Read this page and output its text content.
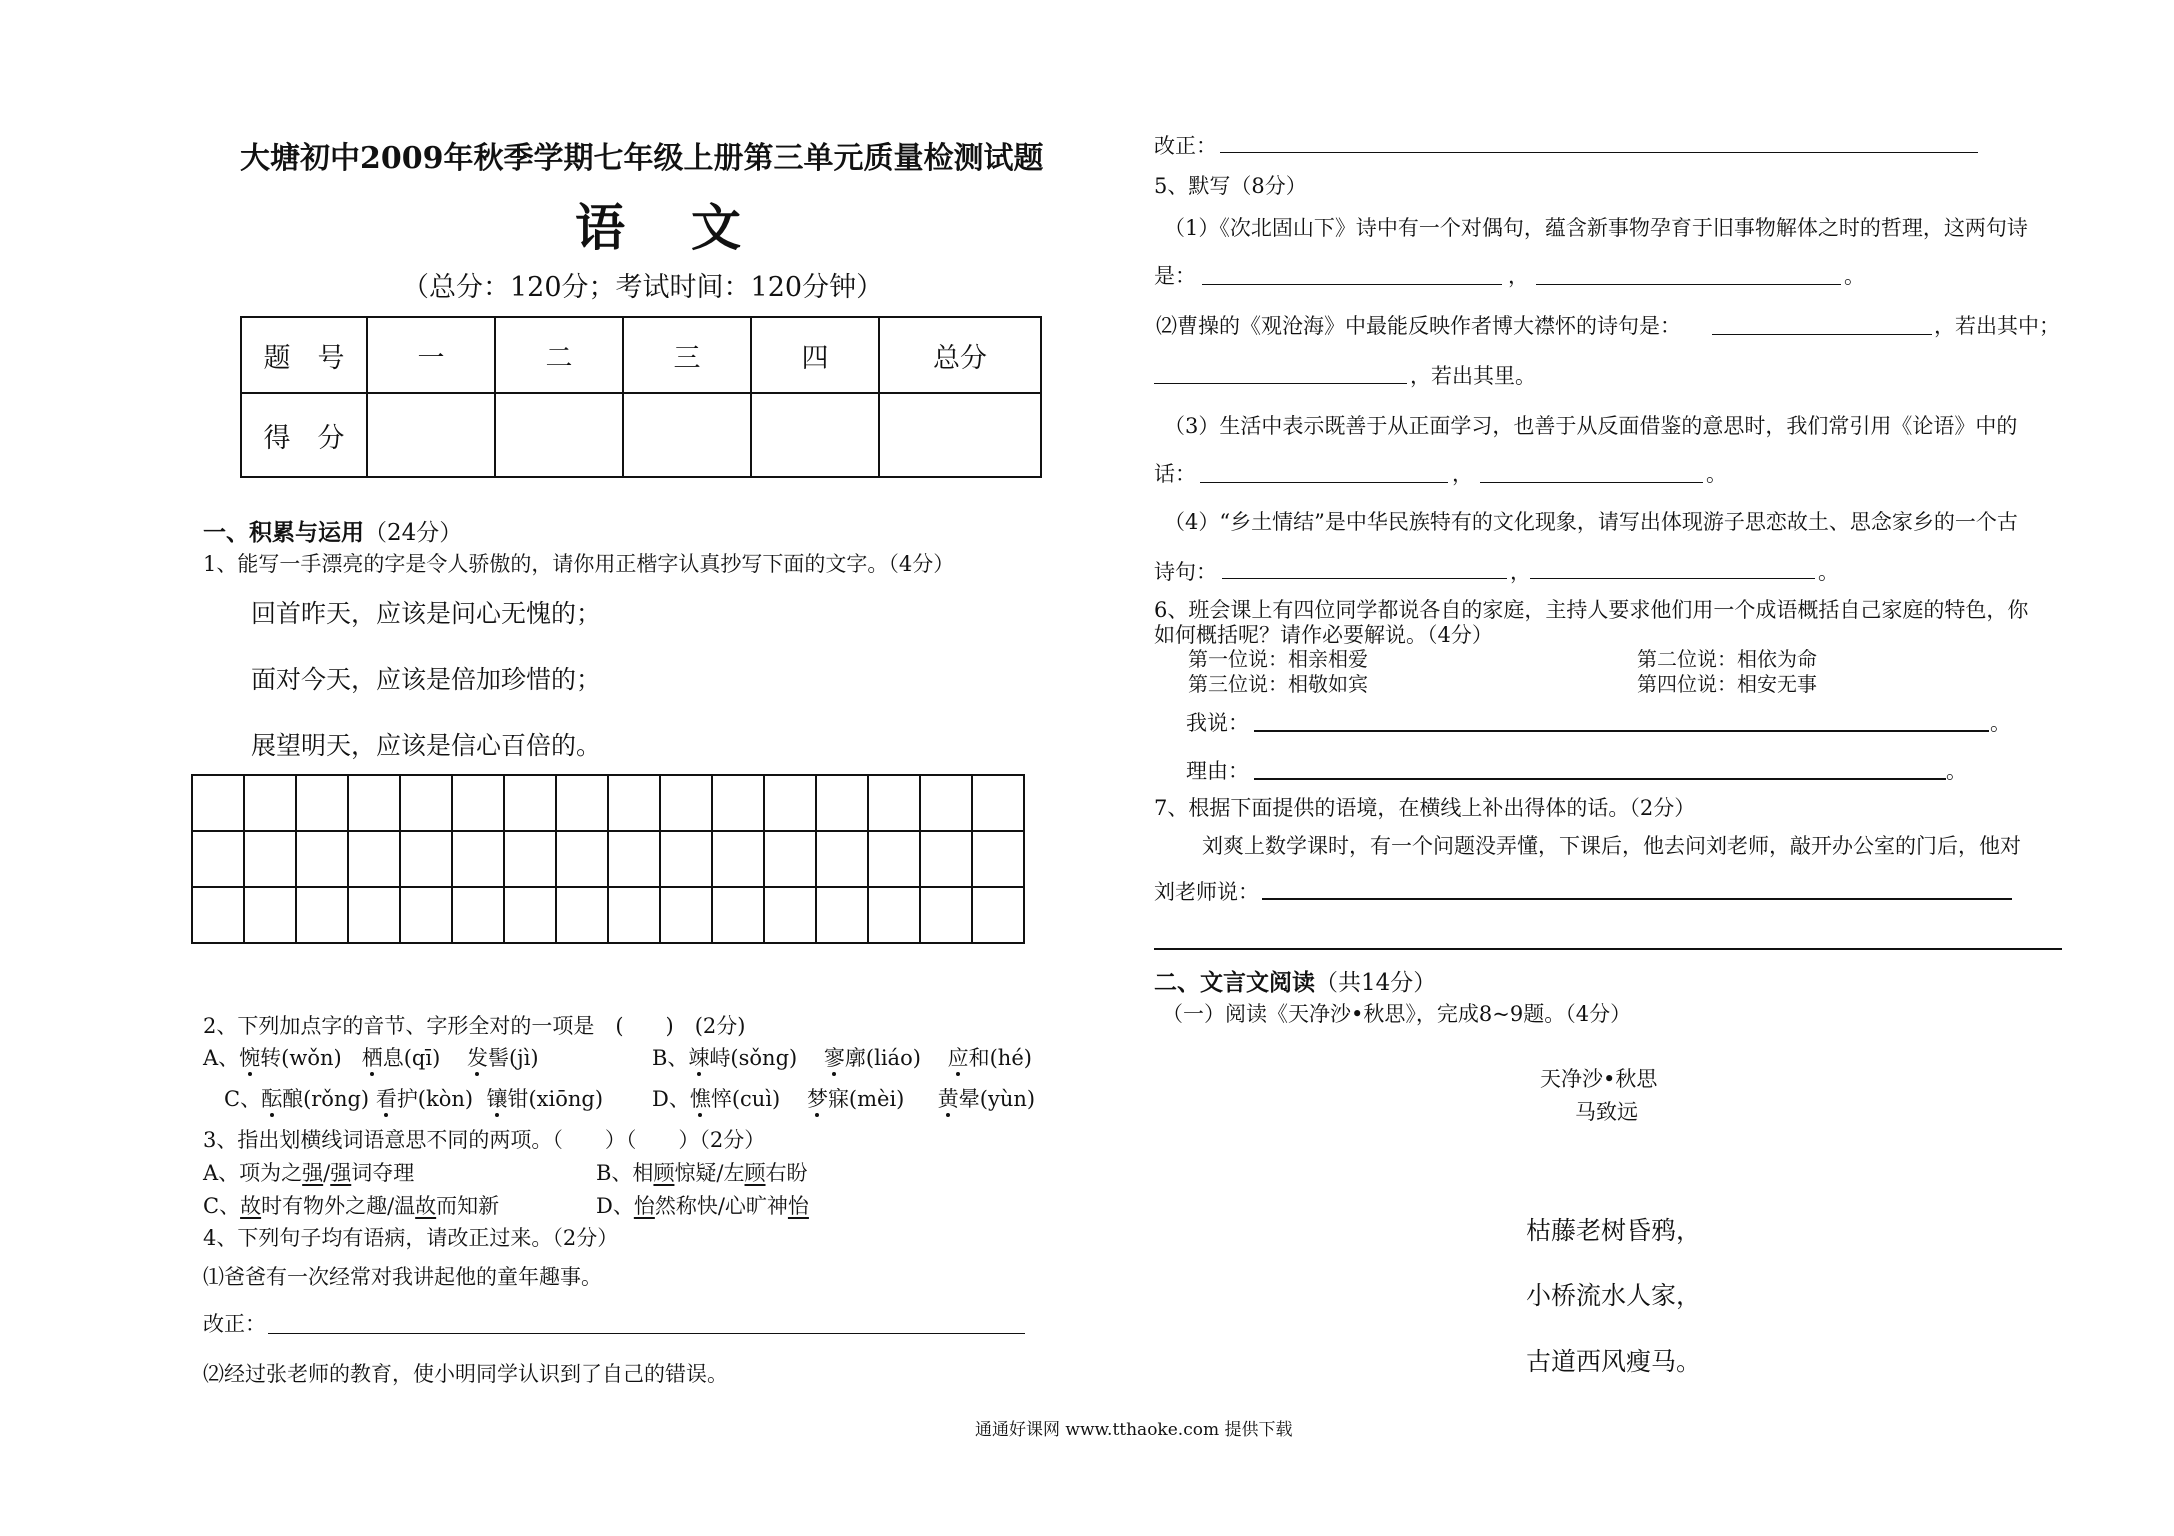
大塘初中2009年秋季学期七年级上册第三单元质量检测试题
语　文
（总分：120分；考试时间：120分钟）
题　号	一	二	三	四	总分
得　分					
一、积累与运用（24分）
1、能写一手漂亮的字是令人骄傲的，请你用正楷字认真抄写下面的文字。（4分）
回首昨天，应该是问心无愧的；
面对今天，应该是倍加珍惜的；
展望明天，应该是信心百倍的。

2、下列加点字的音节、字形全对的一项是　(　　)　(2分)
A、惋转(wǒn) 栖息(qī) 发髻(jì)	B、竦峙(sǒng) 寥廓(liáo) 应和(hé)
C、酝酿(rǒng) 看护(kòn) 镶钳(xiōng) D、憔悴(cuì) 梦寐(mèi) 黄晕(yùn)
3、指出划横线词语意思不同的两项。（　　）（　　）（2分）
A、项为之强/强词夺理	B、相顾惊疑/左顾右盼
C、故时有物外之趣/温故而知新	D、怡然称快/心旷神怡
4、下列句子均有语病，请改正过来。（2分）
⑴爸爸有一次经常对我讲起他的童年趣事。
改正：
⑵经过张老师的教育，使小明同学认识到了自己的错误。
改正：
5、默写（8分）
（1）《次北固山下》诗中有一个对偶句，蕴含新事物孕育于旧事物解体之时的哲理，这两句诗
是：	，	。
⑵曹操的《观沧海》中最能反映作者博大襟怀的诗句是：	，若出其中；
，若出其里。
（3）生活中表示既善于从正面学习，也善于从反面借鉴的意思时，我们常引用《论语》中的
话：	，	。
（4）“乡土情结”是中华民族特有的文化现象，请写出体现游子思恋故土、思念家乡的一个古
诗句：	，	。
6、班会课上有四位同学都说各自的家庭，主持人要求他们用一个成语概括自己家庭的特色，你
如何概括呢？请作必要解说。（4分）
第一位说：相亲相爱	第二位说：相依为命
第三位说：相敬如宾	第四位说：相安无事
我说：	。
理由：	。
7、根据下面提供的语境，在横线上补出得体的话。（2分）
刘爽上数学课时，有一个问题没弄懂，下课后，他去问刘老师，敲开办公室的门后，他对
刘老师说：
二、文言文阅读（共14分）
（一）阅读《天净沙•秋思》，完成8~9题。（4分）
天净沙•秋思
马致远
枯藤老树昏鸦，
小桥流水人家，
古道西风瘦马。
通通好课网 www.tthaoke.com 提供下载
